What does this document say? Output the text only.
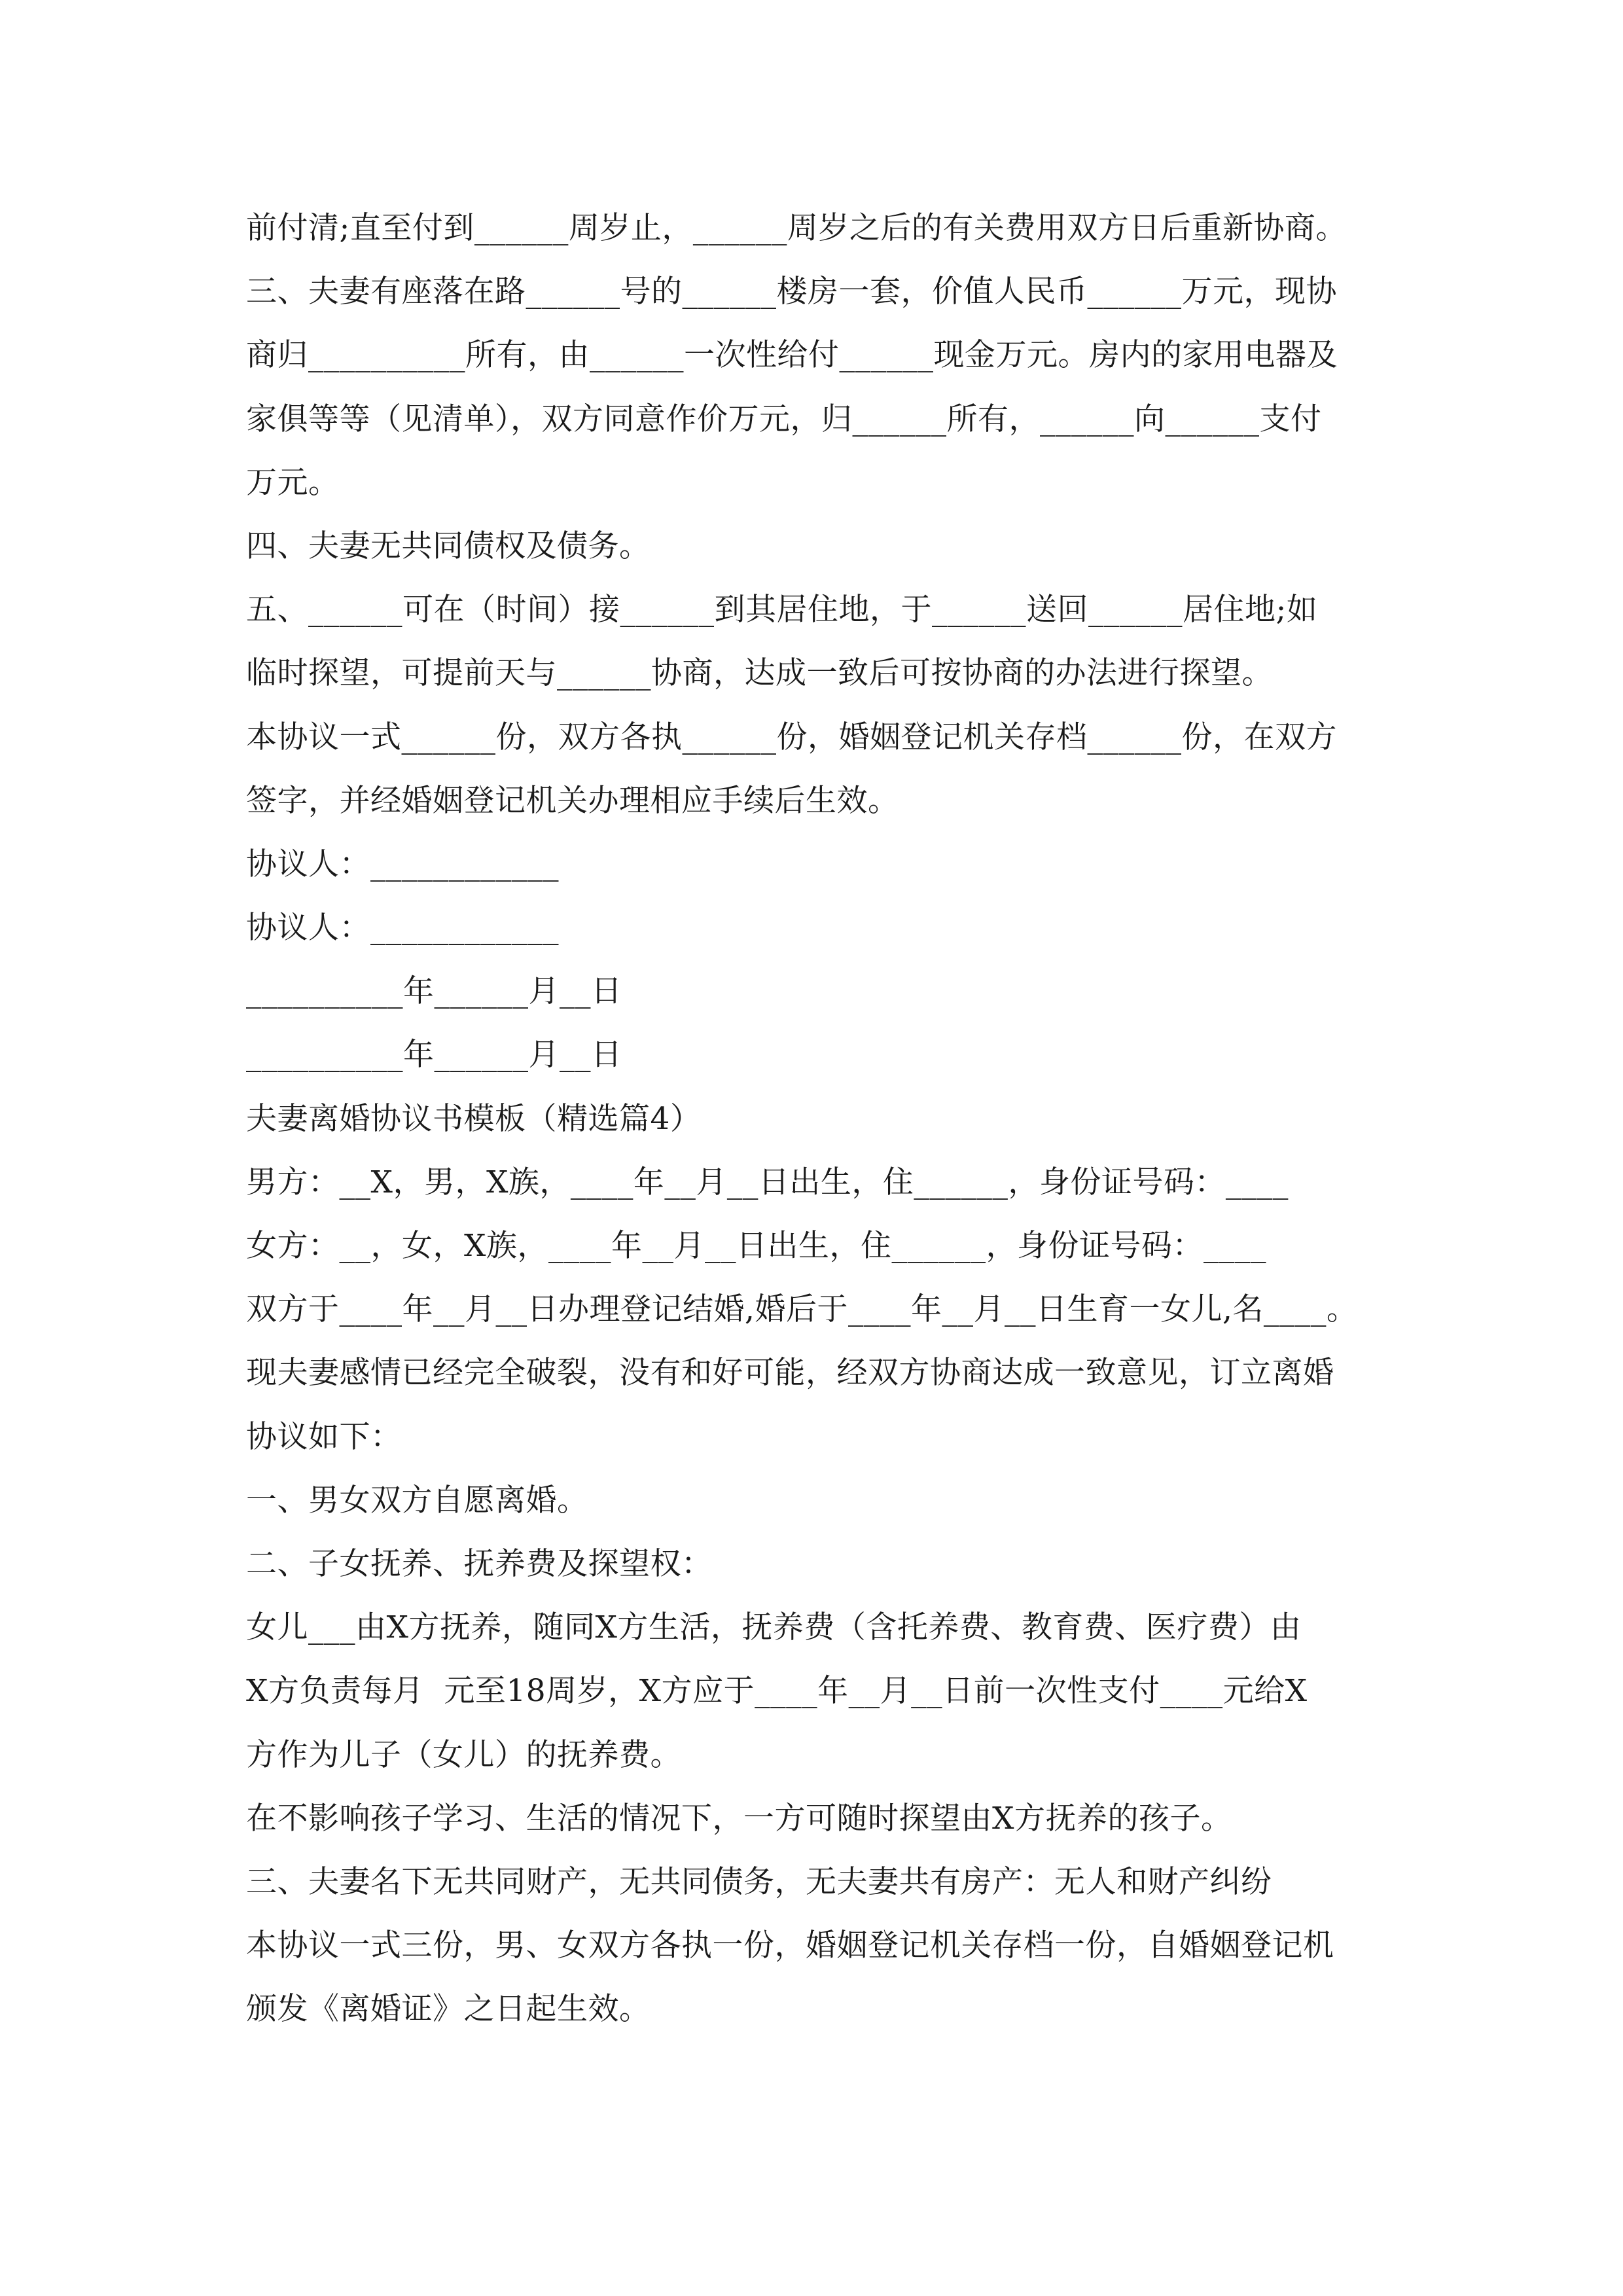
前付清;直至付到______周岁止，______周岁之后的有关费用双方日后重新协商。
三、夫妻有座落在路______号的______楼房一套，价值人民币______万元，现协
商归__________所有，由______一次性给付______现金万元。房内的家用电器及
家俱等等（见清单），双方同意作价万元，归______所有，______向______支付
万元。
四、夫妻无共同债权及债务。
五、______可在（时间）接______到其居住地，于______送回______居住地;如
临时探望，可提前天与______协商，达成一致后可按协商的办法进行探望。
本协议一式______份，双方各执______份，婚姻登记机关存档______份，在双方
签字，并经婚姻登记机关办理相应手续后生效。
协议人：____________
协议人：____________
__________年______月__日
__________年______月__日
夫妻离婚协议书模板（精选篇4）
男方：__X，男，X族，____年__月__日出生，住______，身份证号码：____
女方：__，女，X族，____年__月__日出生，住______，身份证号码：____
双方于____年__月__日办理登记结婚,婚后于____年__月__日生育一女儿,名____。
现夫妻感情已经完全破裂，没有和好可能，经双方协商达成一致意见，订立离婚
协议如下：
一、男女双方自愿离婚。
二、子女抚养、抚养费及探望权：
女儿___由X方抚养，随同X方生活，抚养费（含托养费、教育费、医疗费）由
X方负责每月  元至18周岁，X方应于____年__月__日前一次性支付____元给X
方作为儿子（女儿）的抚养费。
在不影响孩子学习、生活的情况下，一方可随时探望由X方抚养的孩子。
三、夫妻名下无共同财产，无共同债务，无夫妻共有房产：无人和财产纠纷
本协议一式三份，男、女双方各执一份，婚姻登记机关存档一份，自婚姻登记机
颁发《离婚证》之日起生效。
